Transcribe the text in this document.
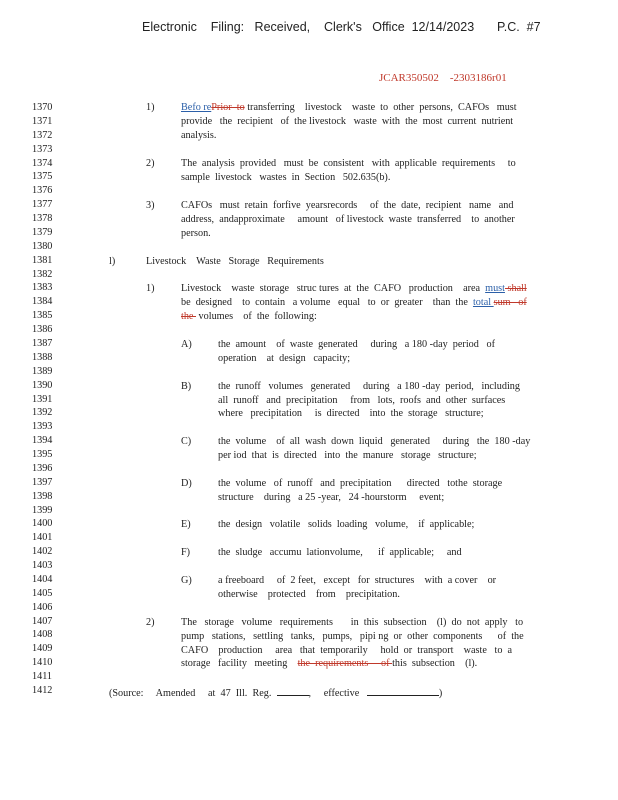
Electronic    Filing:   Received,    Clerk's   Office  12/14/2023 P.C.  #7
JCAR350502    -2303186r01
1370
1371
1372
1373
1374
1375
1376
1377
1378
1379
1380
1381
1382
1383
1384
1385
1386
1387
1388
1389
1390
1391
1392
1393
1394
1395
1396
1397
1398
1399
1400
1401
1402
1403
1404
1405
1406
1407
1408
1409
1410
1411
1412
1)	Befo rePrior  to transferring    livestock    waste  to  other  persons,  CAFOs   must
provide   the  recipient   of  the livestock   waste  with  the  most  current  nutrient
analysis.
2)	The  analysis  provided   must  be  consistent   with  applicable  requirements     to
sample  livestock   wastes  in  Section   502.635(b).
3)	CAFOs   must  retain  forfive  yearsrecords     of  the  date,  recipient   name   and
address,  andapproximate     amount   of livestock  waste  transferred    to  another
person.
l)	Livestock    Waste   Storage   Requirements
1)	Livestock    waste  storage   struc tures  at  the  CAFO   production    area  must shall
be  designed    to  contain   a volume   equal   to  or  greater    than  the  total sum   of
the  volumes    of  the  following:
A)	the  amount    of  waste  generated     during   a 180 -day  period   of
operation    at  design   capacity;
B)	the  runoff   volumes   generated     during   a 180 -day  period,   including
all  runoff   and  precipitation     from   lots,  roofs  and  other  surfaces
where   precipitation     is  directed    into  the  storage   structure;
C)	the  volume    of  all  wash  down  liquid   generated     during   the  180 -day
per iod  that  is  directed   into  the  manure   storage   structure;
D)	the  volume   of  runoff   and  precipitation      directed   tothe  storage
structure    during   a 25 -year,   24 -hourstorm     event;
E)	the  design   volatile   solids  loading   volume,    if  applicable;
F)	the  sludge   accumu  lationvolume,      if  applicable;     and
G)	a freeboard     of  2 feet,   except   for  structures    with  a cover    or
otherwise    protected    from    precipitation.
2)	The   storage   volume   requirements       in  this  subsection    (l)  do  not  apply   to
pump   stations,   settling   tanks,   pumps,   pipi ng  or  other  components      of  the
CAFO    production     area   that  temporarily     hold  or  transport    waste   to  a
storage   facility   meeting    the  requirements     of this  subsection    (l).
(Source:     Amended     at  47  Ill.  Reg.	,     effective	)
